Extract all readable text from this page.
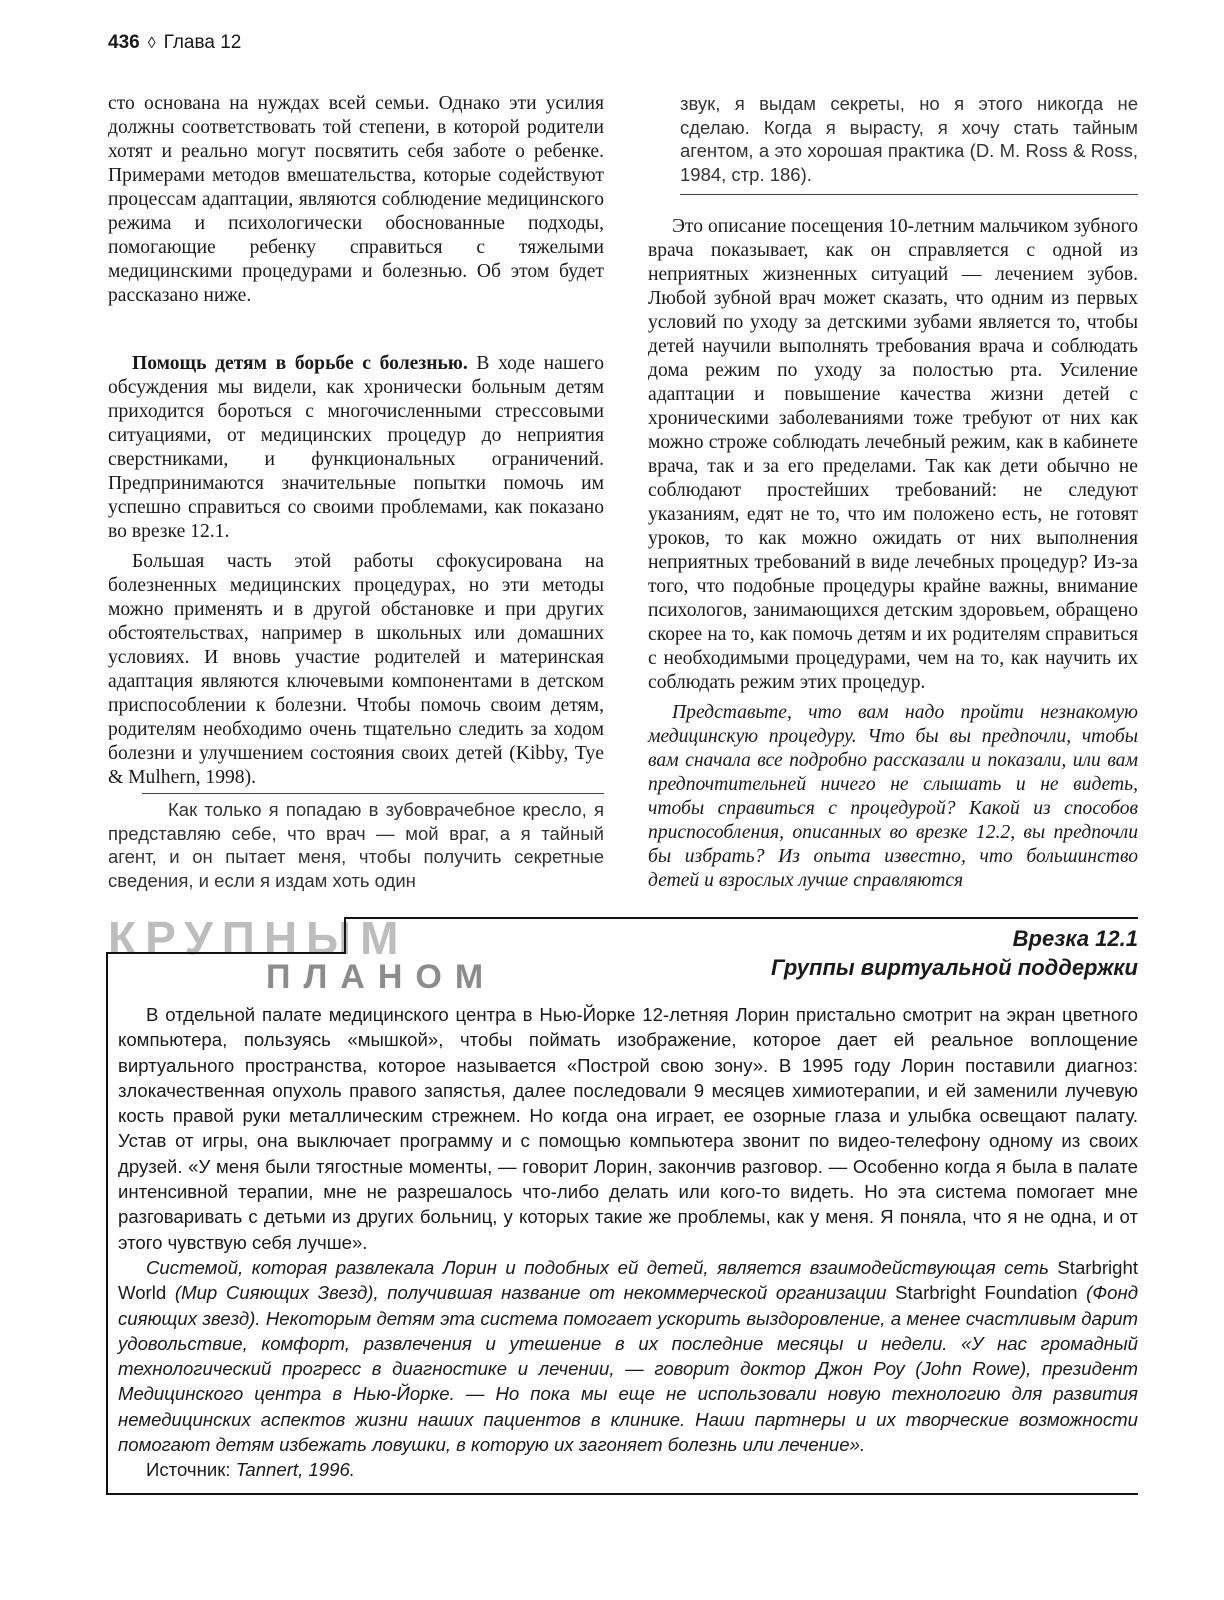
436 ◊ Глава 12

сто основана на нуждах всей семьи. Однако эти усилия должны соответствовать той степени, в которой родители хотят и реально могут посвятить себя заботе о ребенке. Примерами методов вмешательства, которые содействуют процессам адаптации, являются соблюдение медицинского режима и психологически обоснованные подходы, помогающие ребенку справиться с тяжелыми медицинскими процедурами и болезнью. Об этом будет рассказано ниже.

Помощь детям в борьбе с болезнью. В ходе нашего обсуждения мы видели, как хронически больным детям приходится бороться с многочисленными стрессовыми ситуациями, от медицинских процедур до неприятия сверстниками, и функциональных ограничений. Предпринимаются значительные попытки помочь им успешно справиться со своими проблемами, как показано во врезке 12.1.

Большая часть этой работы сфокусирована на болезненных медицинских процедурах, но эти методы можно применять и в другой обстановке и при других обстоятельствах, например в школьных или домашних условиях. И вновь участие родителей и материнская адаптация являются ключевыми компонентами в детском приспособлении к болезни. Чтобы помочь своим детям, родителям необходимо очень тщательно следить за ходом болезни и улучшением состояния своих детей (Kibby, Tye & Mulhern, 1998).

Как только я попадаю в зубоврачебное кресло, я представляю себе, что врач — мой враг, а я тайный агент, и он пытает меня, чтобы получить секретные сведения, и если я издам хоть один

звук, я выдам секреты, но я этого никогда не сделаю. Когда я вырасту, я хочу стать тайным агентом, а это хорошая практика (D. M. Ross & Ross, 1984, стр. 186).

Это описание посещения 10-летним мальчиком зубного врача показывает, как он справляется с одной из неприятных жизненных ситуаций — лечением зубов. Любой зубной врач может сказать, что одним из первых условий по уходу за детскими зубами является то, чтобы детей научили выполнять требования врача и соблюдать дома режим по уходу за полостью рта. Усиление адаптации и повышение качества жизни детей с хроническими заболеваниями тоже требуют от них как можно строже соблюдать лечебный режим, как в кабинете врача, так и за его пределами. Так как дети обычно не соблюдают простейших требований: не следуют указаниям, едят не то, что им положено есть, не готовят уроков, то как можно ожидать от них выполнения неприятных требований в виде лечебных процедур? Из-за того, что подобные процедуры крайне важны, внимание психологов, занимающихся детским здоровьем, обращено скорее на то, как помочь детям и их родителям справиться с необходимыми процедурами, чем на то, как научить их соблюдать режим этих процедур.

Представьте, что вам надо пройти незнакомую медицинскую процедуру. Что бы вы предпочли, чтобы вам сначала все подробно рассказали и показали, или вам предпочтительней ничего не слышать и не видеть, чтобы справиться с процедурой? Какой из способов приспособления, описанных во врезке 12.2, вы предпочли бы избрать? Из опыта известно, что большинство детей и взрослых лучше справляются

КРУПНЫМ
ПЛАНОМ
Врезка 12.1
Группы виртуальной поддержки

В отдельной палате медицинского центра в Нью-Йорке 12-летняя Лорин пристально смотрит на экран цветного компьютера, пользуясь «мышкой», чтобы поймать изображение, которое дает ей реальное воплощение виртуального пространства, которое называется «Построй свою зону». В 1995 году Лорин поставили диагноз: злокачественная опухоль правого запястья, далее последовали 9 месяцев химиотерапии, и ей заменили лучевую кость правой руки металлическим стрежнем. Но когда она играет, ее озорные глаза и улыбка освещают палату. Устав от игры, она выключает программу и с помощью компьютера звонит по видео-телефону одному из своих друзей. «У меня были тягостные моменты, — говорит Лорин, закончив разговор. — Особенно когда я была в палате интенсивной терапии, мне не разрешалось что-либо делать или кого-то видеть. Но эта система помогает мне разговаривать с детьми из других больниц, у которых такие же проблемы, как у меня. Я поняла, что я не одна, и от этого чувствую себя лучше».

Системой, которая развлекала Лорин и подобных ей детей, является взаимодействующая сеть Starbright World (Мир Сияющих Звезд), получившая название от некоммерческой организации Starbright Foundation (Фонд сияющих звезд). Некоторым детям эта система помогает ускорить выздоровление, а менее счастливым дарит удовольствие, комфорт, развлечения и утешение в их последние месяцы и недели. «У нас громадный технологический прогресс в диагностике и лечении, — говорит доктор Джон Роу (John Rowe), президент Медицинского центра в Нью-Йорке. — Но пока мы еще не использовали новую технологию для развития немедицинских аспектов жизни наших пациентов в клинике. Наши партнеры и их творческие возможности помогают детям избежать ловушки, в которую их загоняет болезнь или лечение».

Источник: Tannert, 1996.
